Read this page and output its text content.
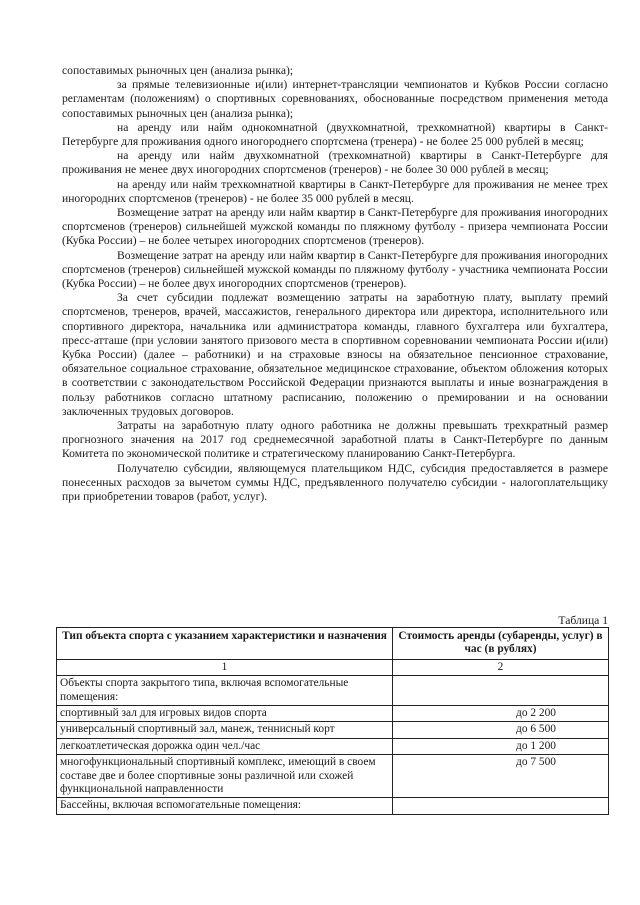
сопоставимых рыночных цен (анализа рынка);

за прямые телевизионные и(или) интернет-трансляции чемпионатов и Кубков России согласно регламентам (положениям) о спортивных соревнованиях, обоснованные посредством применения метода сопоставимых рыночных цен (анализа рынка);

на аренду или найм однокомнатной (двухкомнатной, трехкомнатной) квартиры в Санкт-Петербурге для проживания одного иногороднего спортсмена (тренера) - не более 25 000 рублей в месяц;

на аренду или найм двухкомнатной (трехкомнатной) квартиры в Санкт-Петербурге для проживания не менее двух иногородних спортсменов (тренеров) - не более 30 000 рублей в месяц;

на аренду или найм трехкомнатной квартиры в Санкт-Петербурге для проживания не менее трех иногородних спортсменов (тренеров) - не более 35 000 рублей в месяц.

Возмещение затрат на аренду или найм квартир в Санкт-Петербурге для проживания иногородних спортсменов (тренеров) сильнейшей мужской команды по пляжному футболу - призера чемпионата России (Кубка России) – не более четырех иногородних спортсменов (тренеров).

Возмещение затрат на аренду или найм квартир в Санкт-Петербурге для проживания иногородних спортсменов (тренеров) сильнейшей мужской команды по пляжному футболу - участника чемпионата России (Кубка России) – не более двух иногородних спортсменов (тренеров).

За счет субсидии подлежат возмещению затраты на заработную плату, выплату премий спортсменов, тренеров, врачей, массажистов, генерального директора или директора, исполнительного или спортивного директора, начальника или администратора команды, главного бухгалтера или бухгалтера, пресс-атташе (при условии занятого призового места в спортивном соревновании чемпионата России и(или) Кубка России) (далее – работники) и на страховые взносы на обязательное пенсионное страхование, обязательное социальное страхование, обязательное медицинское страхование, объектом обложения которых в соответствии с законодательством Российской Федерации признаются выплаты и иные вознаграждения в пользу работников согласно штатному расписанию, положению о премировании и на основании заключенных трудовых договоров.

Затраты на заработную плату одного работника не должны превышать трехкратный размер прогнозного значения на 2017 год среднемесячной заработной платы в Санкт-Петербурге по данным Комитета по экономической политике и стратегическому планированию Санкт-Петербурга.

Получателю субсидии, являющемуся плательщиком НДС, субсидия предоставляется в размере понесенных расходов за вычетом суммы НДС, предъявленного получателю субсидии - налогоплательщику при приобретении товаров (работ, услуг).

Таблица 1
Тип объекта спорта с указанием характеристики и назначения	Стоимость аренды (субаренды, услуг) в час (в рублях)
1	2
Объекты спорта закрытого типа, включая вспомогательные помещения:	
спортивный зал для игровых видов спорта	до 2 200
универсальный спортивный зал, манеж, теннисный корт	до 6 500
легкоатлетическая дорожка один чел./час	до 1 200
многофункциональный спортивный комплекс, имеющий в своем составе две и более спортивные зоны различной или схожей функциональной направленности	до 7 500
Бассейны, включая вспомогательные помещения:	
